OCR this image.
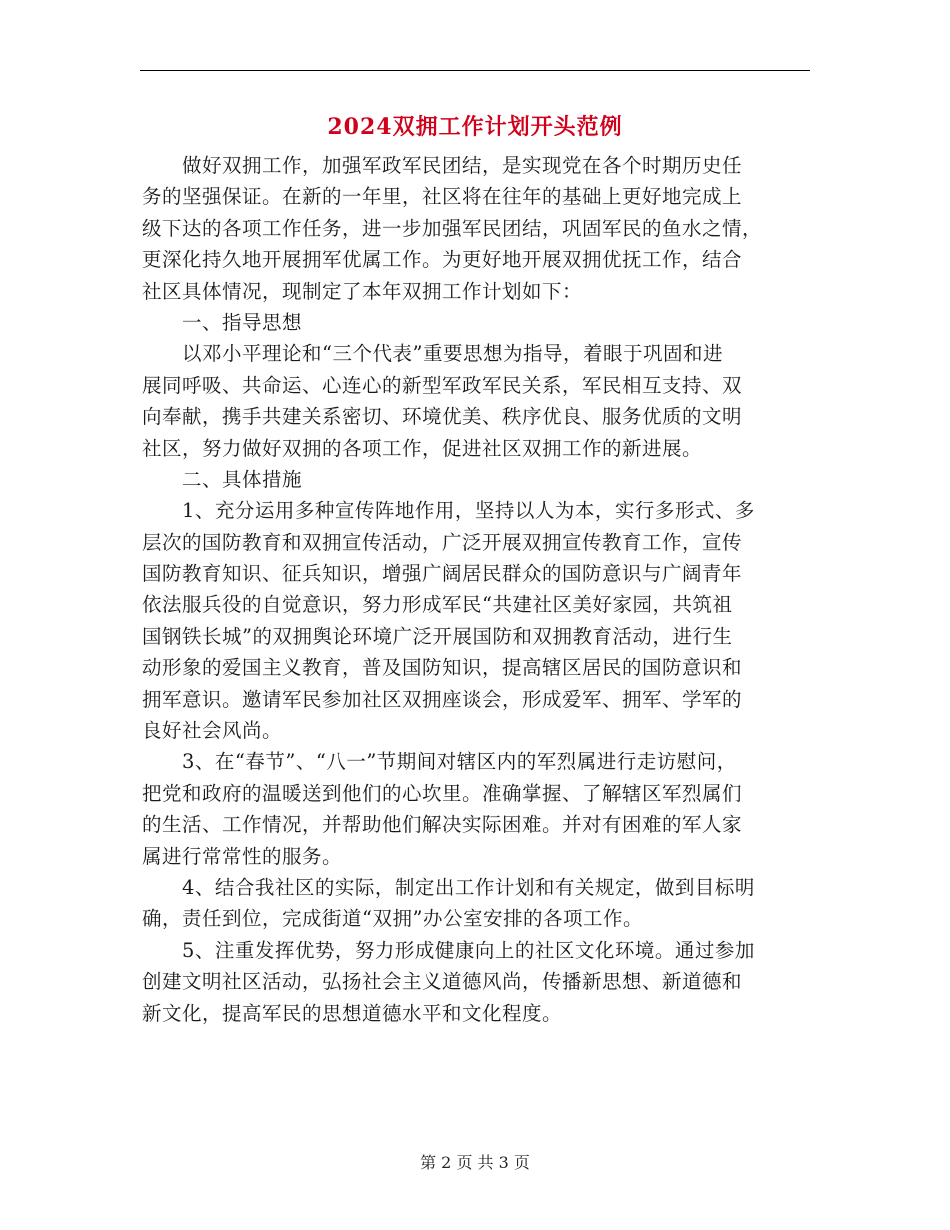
2024双拥工作计划开头范例
做好双拥工作，加强军政军民团结，是实现党在各个时期历史任
务的坚强保证。在新的一年里，社区将在往年的基础上更好地完成上
级下达的各项工作任务，进一步加强军民团结，巩固军民的鱼水之情，
更深化持久地开展拥军优属工作。为更好地开展双拥优抚工作，结合
社区具体情况，现制定了本年双拥工作计划如下：
一、指导思想
以邓小平理论和“三个代表”重要思想为指导，着眼于巩固和进
展同呼吸、共命运、心连心的新型军政军民关系，军民相互支持、双
向奉献，携手共建关系密切、环境优美、秩序优良、服务优质的文明
社区，努力做好双拥的各项工作，促进社区双拥工作的新进展。
二、具体措施
1、充分运用多种宣传阵地作用，坚持以人为本，实行多形式、多
层次的国防教育和双拥宣传活动，广泛开展双拥宣传教育工作，宣传
国防教育知识、征兵知识，增强广阔居民群众的国防意识与广阔青年
依法服兵役的自觉意识，努力形成军民“共建社区美好家园，共筑祖
国钢铁长城”的双拥舆论环境广泛开展国防和双拥教育活动，进行生
动形象的爱国主义教育，普及国防知识，提高辖区居民的国防意识和
拥军意识。邀请军民参加社区双拥座谈会，形成爱军、拥军、学军的
良好社会风尚。
3、在“春节”、“八一”节期间对辖区内的军烈属进行走访慰问，
把党和政府的温暖送到他们的心坎里。准确掌握、了解辖区军烈属们
的生活、工作情况，并帮助他们解决实际困难。并对有困难的军人家
属进行常常性的服务。
4、结合我社区的实际，制定出工作计划和有关规定，做到目标明
确，责任到位，完成街道“双拥”办公室安排的各项工作。
5、注重发挥优势，努力形成健康向上的社区文化环境。通过参加
创建文明社区活动，弘扬社会主义道德风尚，传播新思想、新道德和
新文化，提高军民的思想道德水平和文化程度。
第 2 页 共 3 页
